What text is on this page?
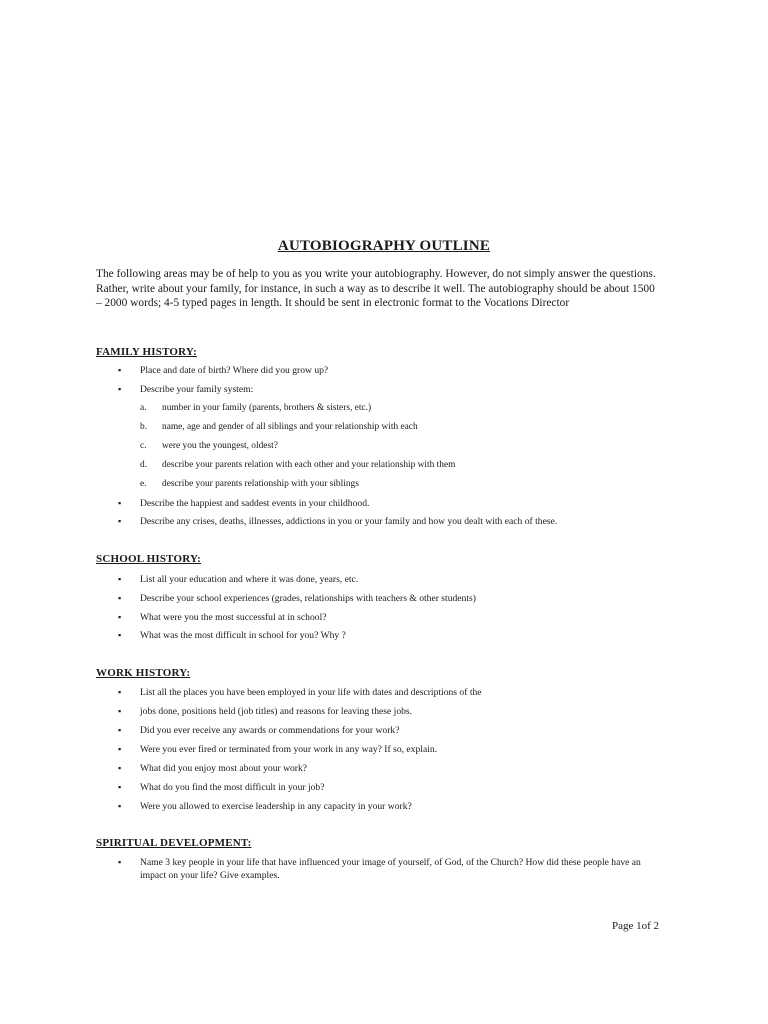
AUTOBIOGRAPHY OUTLINE

The following areas may be of help to you as you write your autobiography. However, do not simply answer the questions. Rather, write about your family, for instance, in such a way as to describe it well. The autobiography should be about 1500 – 2000 words; 4-5 typed pages in length. It should be sent in electronic format to the Vocations Director

FAMILY HISTORY:
▪ Place and date of birth? Where did you grow up?
▪ Describe your family system:
▪ Describe the happiest and saddest events in your childhood.
▪ Describe any crises, deaths, illnesses, addictions in you or your family and how you dealt with each of these.
a. number in your family (parents, brothers & sisters, etc.)
b. name, age and gender of all siblings and your relationship with each
c. were you the youngest, oldest?
d. describe your parents relation with each other and your relationship with them
e. describe your parents relationship with your siblings
SCHOOL HISTORY:
▪ List all your education and where it was done, years, etc.
▪ Describe your school experiences (grades, relationships with teachers & other students)
▪ What were you the most successful at in school?
▪ What was the most difficult in school for you? Why ?
WORK HISTORY:
▪ List all the places you have been employed in your life with dates and descriptions of the
▪ jobs done, positions held (job titles) and reasons for leaving these jobs.
▪ Did you ever receive any awards or commendations for your work?
▪ Were you ever fired or terminated from your work in any way? If so, explain.
▪ What did you enjoy most about your work?
▪ What do you find the most difficult in your job?
▪ Were you allowed to exercise leadership in any capacity in your work?
SPIRITUAL DEVELOPMENT:
▪ Name 3 key people in your life that have influenced your image of yourself, of God, of the Church? How did these people have an impact on your life? Give examples.
Page 1of 2
